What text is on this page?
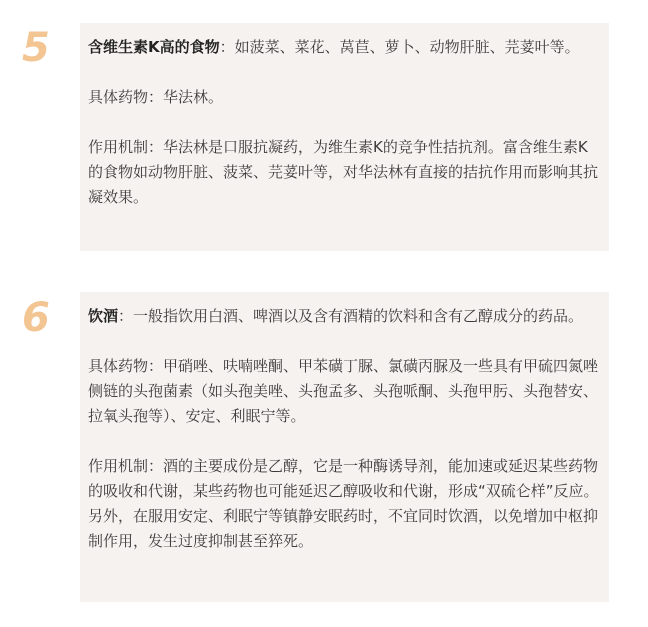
5	含维生素K高的食物：如菠菜、菜花、莴苣、萝卜、动物肝脏、芫荽叶等。

具体药物：华法林。

作用机制：华法林是口服抗凝药，为维生素K的竞争性拮抗剂。富含维生素K的食物如动物肝脏、菠菜、芫荽叶等，对华法林有直接的拮抗作用而影响其抗凝效果。

6	饮酒：一般指饮用白酒、啤酒以及含有酒精的饮料和含有乙醇成分的药品。

具体药物：甲硝唑、呋喃唑酮、甲苯磺丁脲、氯磺丙脲及一些具有甲硫四氮唑侧链的头孢菌素（如头孢美唑、头孢孟多、头孢哌酮、头孢甲肟、头孢替安、拉氧头孢等）、安定、利眠宁等。

作用机制：酒的主要成份是乙醇，它是一种酶诱导剂，能加速或延迟某些药物的吸收和代谢，某些药物也可能延迟乙醇吸收和代谢，形成“双硫仑样”反应。另外，在服用安定、利眠宁等镇静安眠药时，不宜同时饮酒，以免增加中枢抑制作用，发生过度抑制甚至猝死。
